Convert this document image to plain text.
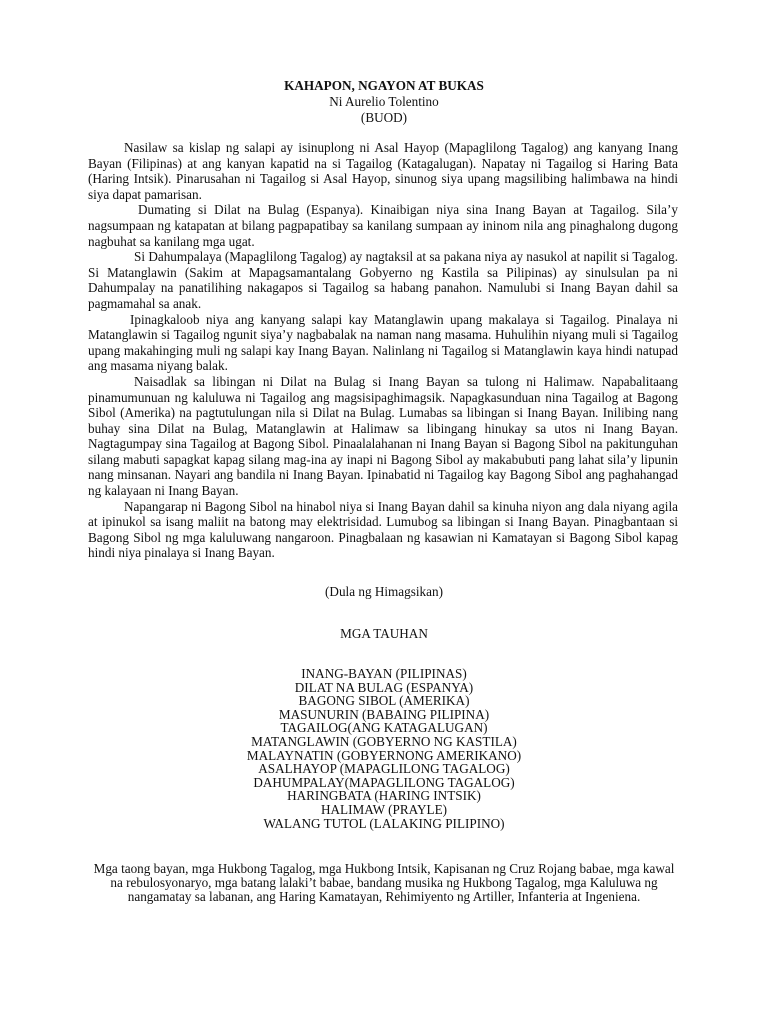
KAHAPON, NGAYON AT BUKAS
Ni Aurelio Tolentino
(BUOD)

Nasilaw sa kislap ng salapi ay isinuplong ni Asal Hayop (Mapaglilong Tagalog) ang kanyang Inang Bayan (Filipinas) at ang kanyan kapatid na si Tagailog (Katagalugan). Napatay ni Tagailog si Haring Bata (Haring Intsik). Pinarusahan ni Tagailog si Asal Hayop, sinunog siya upang magsilibing halimbawa na hindi siya dapat pamarisan.

Dumating si Dilat na Bulag (Espanya). Kinaibigan niya sina Inang Bayan at Tagailog. Sila’y nagsumpaan ng katapatan at bilang pagpapatibay sa kanilang sumpaan ay ininom nila ang pinaghalong dugong nagbuhat sa kanilang mga ugat.

Si Dahumpalaya (Mapaglilong Tagalog) ay nagtaksil at sa pakana niya ay nasukol at napilit si Tagalog. Si Matanglawin (Sakim at Mapagsamantalang Gobyerno ng Kastila sa Pilipinas) ay sinulsulan pa ni Dahumpalay na panatilihing nakagapos si Tagailog sa habang panahon. Namulubi si Inang Bayan dahil sa pagmamahal sa anak.

Ipinagkaloob niya ang kanyang salapi kay Matanglawin upang makalaya si Tagailog. Pinalaya ni Matanglawin si Tagailog ngunit siya’y nagbabalak na naman nang masama. Huhulihin niyang muli si Tagailog upang makahinging muli ng salapi kay Inang Bayan. Nalinlang ni Tagailog si Matanglawin kaya hindi natupad ang masama niyang balak.

Naisadlak sa libingan ni Dilat na Bulag si Inang Bayan sa tulong ni Halimaw. Napabalitaang pinamumunuan ng kaluluwa ni Tagailog ang magsisipaghimagsik. Napagkasunduan nina Tagailog at Bagong Sibol (Amerika) na pagtutulungan nila si Dilat na Bulag. Lumabas sa libingan si Inang Bayan. Inilibing nang buhay sina Dilat na Bulag, Matanglawin at Halimaw sa libingang hinukay sa utos ni Inang Bayan. Nagtagumpay sina Tagailog at Bagong Sibol. Pinaalalahanan ni Inang Bayan si Bagong Sibol na pakitunguhan silang mabuti sapagkat kapag silang mag-ina ay inapi ni Bagong Sibol ay makabubuti pang lahat sila’y lipunin nang minsanan. Nayari ang bandila ni Inang Bayan. Ipinabatid ni Tagailog kay Bagong Sibol ang paghahangad ng kalayaan ni Inang Bayan.

Napangarap ni Bagong Sibol na hinabol niya si Inang Bayan dahil sa kinuha niyon ang dala niyang agila at ipinukol sa isang maliit na batong may elektrisidad. Lumubog sa libingan si Inang Bayan. Pinagbantaan si Bagong Sibol ng mga kaluluwang nangaroon. Pinagbalaan ng kasawian ni Kamatayan si Bagong Sibol kapag hindi niya pinalaya si Inang Bayan.

(Dula ng Himagsikan)
MGA TAUHAN
INANG-BAYAN (PILIPINAS)
DILAT NA BULAG (ESPANYA)
BAGONG SIBOL (AMERIKA)
MASUNURIN (BABAING PILIPINA)
TAGAILOG(ANG KATAGALUGAN)
MATANGLAWIN (GOBYERNO NG KASTILA)
MALAYNATIN (GOBYERNONG AMERIKANO)
ASALHAYOP (MAPAGLILONG TAGALOG)
DAHUMPALAY(MAPAGLILONG TAGALOG)
HARINGBATA (HARING INTSIK)
HALIMAW (PRAYLE)
WALANG TUTOL (LALAKING PILIPINO)
Mga taong bayan, mga Hukbong Tagalog, mga Hukbong Intsik, Kapisanan ng Cruz Rojang babae, mga kawal na rebulosyonaryo, mga batang lalaki’t babae, bandang musika ng Hukbong Tagalog, mga Kaluluwa ng nangamatay sa labanan, ang Haring Kamatayan, Rehimiyento ng Artiller, Infanteria at Ingeniena.
